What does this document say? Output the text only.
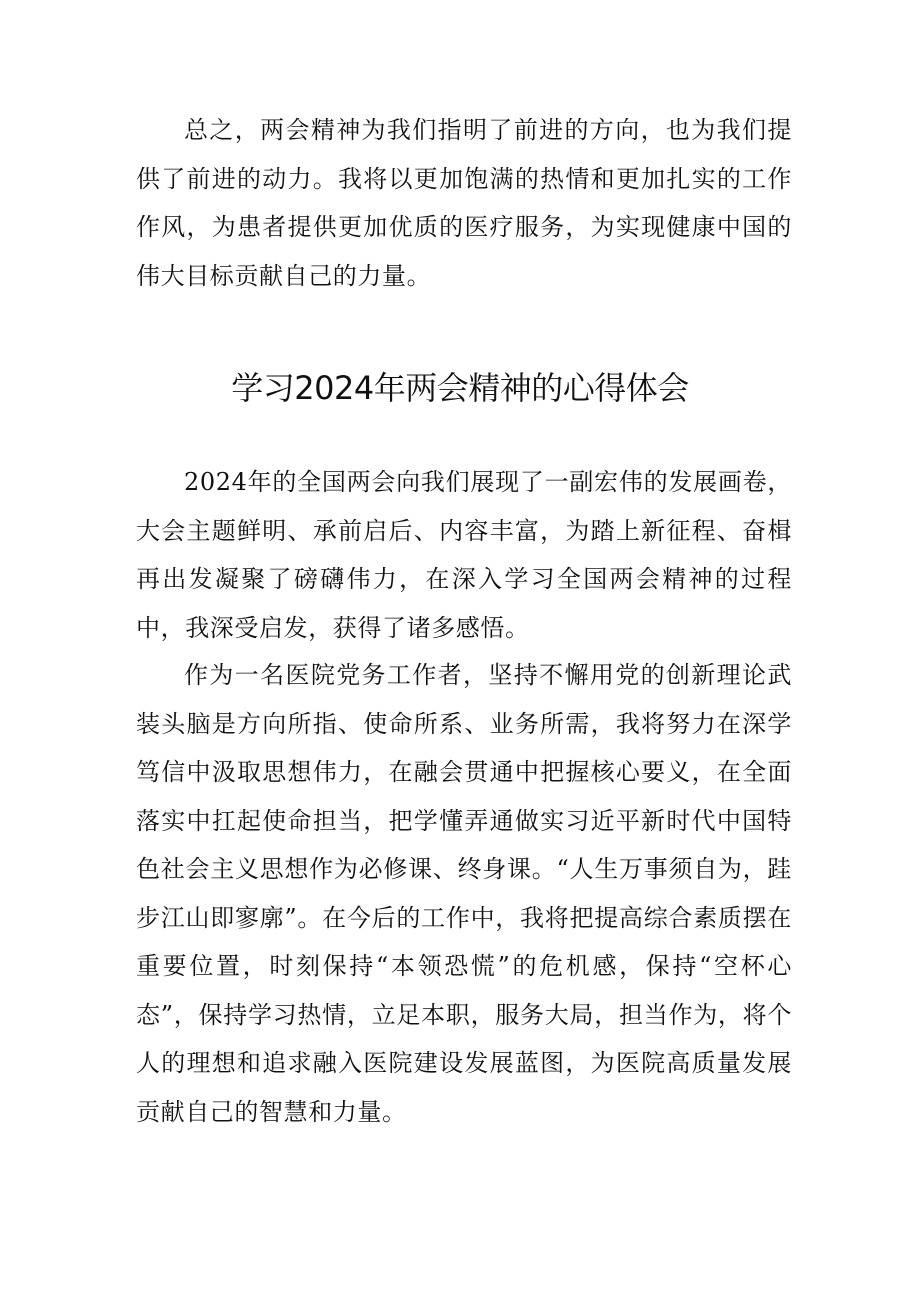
总之，两会精神为我们指明了前进的方向，也为我们提供了前进的动力。我将以更加饱满的热情和更加扎实的工作作风，为患者提供更加优质的医疗服务，为实现健康中国的伟大目标贡献自己的力量。

学习2024年两会精神的心得体会

2024年的全国两会向我们展现了一副宏伟的发展画卷，大会主题鲜明、承前启后、内容丰富，为踏上新征程、奋楫再出发凝聚了磅礴伟力，在深入学习全国两会精神的过程中，我深受启发，获得了诸多感悟。

作为一名医院党务工作者，坚持不懈用党的创新理论武装头脑是方向所指、使命所系、业务所需，我将努力在深学笃信中汲取思想伟力，在融会贯通中把握核心要义，在全面落实中扛起使命担当，把学懂弄通做实习近平新时代中国特色社会主义思想作为必修课、终身课。“人生万事须自为，跬步江山即寥廓”。在今后的工作中，我将把提高综合素质摆在重要位置，时刻保持“本领恐慌”的危机感，保持“空杯心态”，保持学习热情，立足本职，服务大局，担当作为，将个人的理想和追求融入医院建设发展蓝图，为医院高质量发展贡献自己的智慧和力量。
